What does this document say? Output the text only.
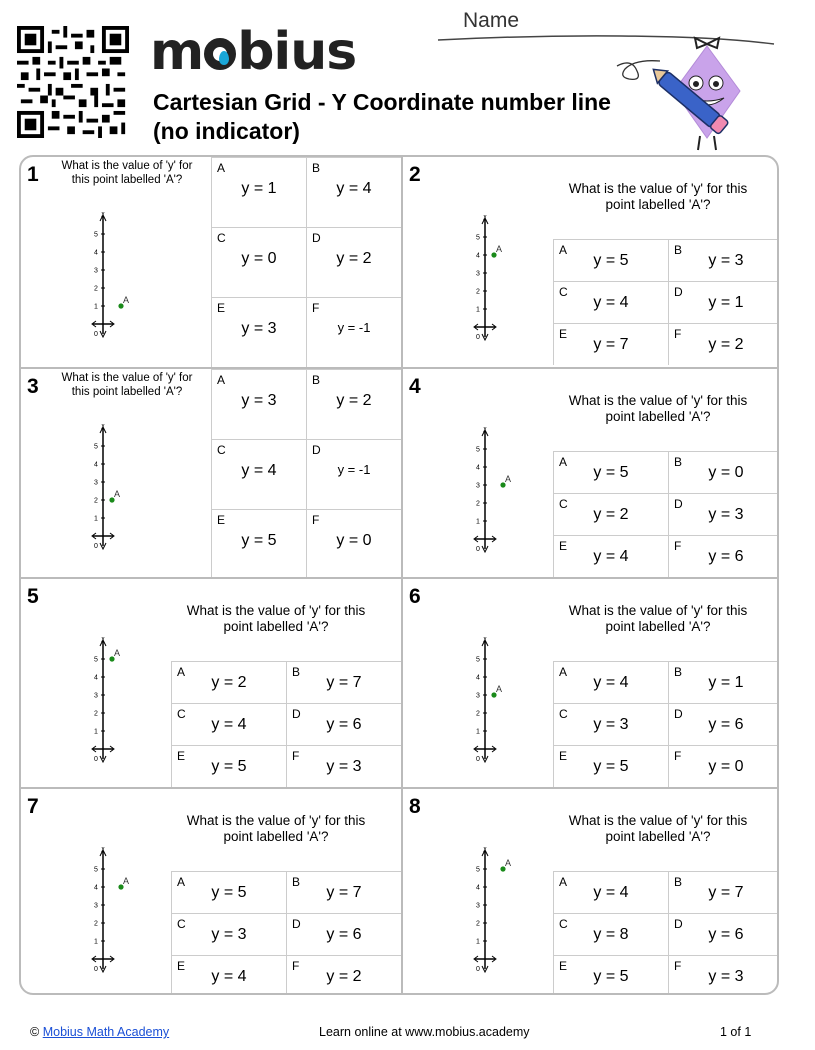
m bius
Cartesian Grid - Y Coordinate number line (no indicator)
Name
1 What is the value of 'y' for this point labelled 'A'?
y
0
1
2
3
4
5
A
A
y = 1
B
y = 4
C
y = 0
D
y = 2
E
y = 3
F
y = -1
2
What is the value of 'y' for this point labelled 'A'?
y
0
1
2
3
4
5
A	A
y = 5
B
y = 3
C
y = 4
D
y = 1
E
y = 7
F
y = 2
3 What is the value of 'y' for this point labelled 'A'?
y
0
1
2
3
4
5
A
A
y = 3
B
y = 2
C
y = 4
D
y = -1
E
y = 5
F
y = 0
4
What is the value of 'y' for this point labelled 'A'?
y
0
1
2
3
4
5
A
A
y = 5
B
y = 0
C
y = 2
D
y = 3
E
y = 4
F
y = 6
5
What is the value of 'y' for this point labelled 'A'?
y
0
1
2
3
4
5
A
A
y = 2
B
y = 7
C
y = 4
D
y = 6
E
y = 5
F
y = 3
6
What is the value of 'y' for this point labelled 'A'?
y
0
1
2
3
4
5
A
A
y = 4
B
y = 1
C
y = 3
D
y = 6
E
y = 5
F
y = 0
7
What is the value of 'y' for this point labelled 'A'?
y
0
1
2
3
4
5
A	A
y = 5
B
y = 7
C
y = 3
D
y = 6
E
y = 4
F
y = 2
8
What is the value of 'y' for this point labelled 'A'?
y
0
1
2
3
4
5
A
A
y = 4
B
y = 7
C
y = 8
D
y = 6
E
y = 5
F
y = 3
© Mobius Math Academy	Learn online at www.mobius.academy	1 of 1
